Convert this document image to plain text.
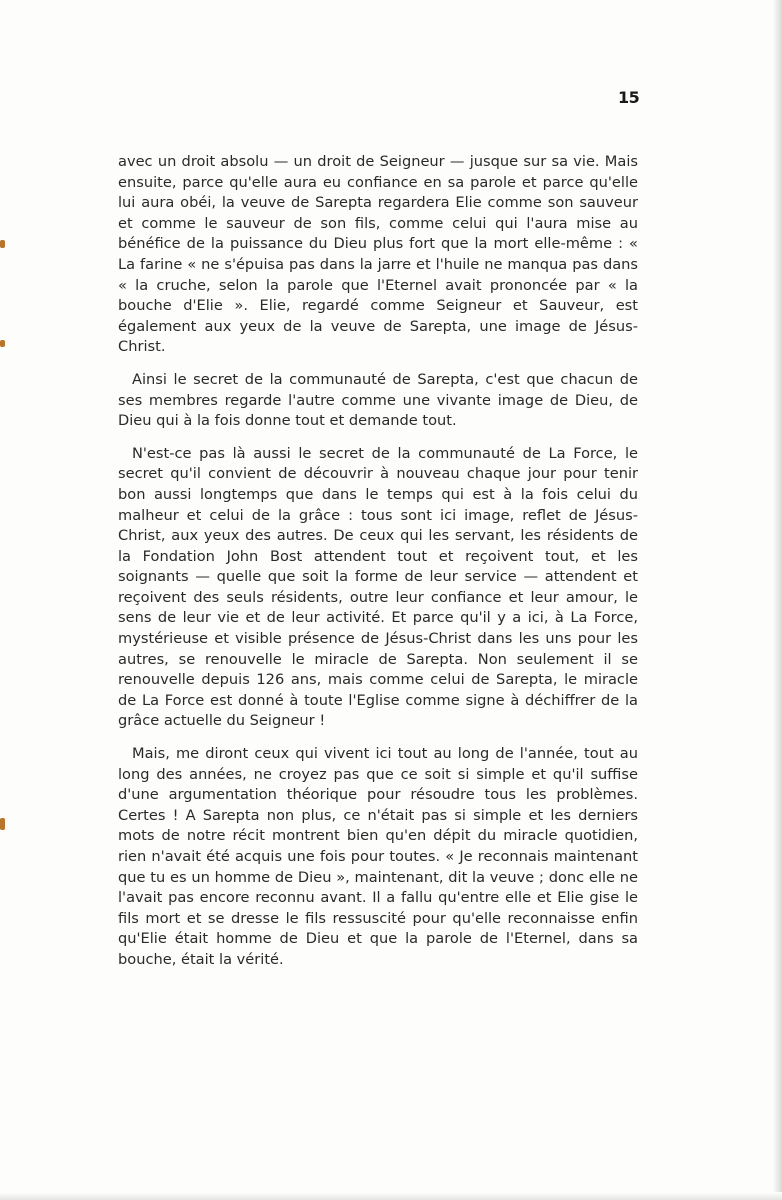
15

avec un droit absolu — un droit de Seigneur — jusque sur sa vie. Mais ensuite, parce qu'elle aura eu confiance en sa parole et parce qu'elle lui aura obéi, la veuve de Sarepta regardera Elie comme son sauveur et comme le sauveur de son fils, comme celui qui l'aura mise au bénéfice de la puissance du Dieu plus fort que la mort elle-même : « La farine « ne s'épuisa pas dans la jarre et l'huile ne manqua pas dans « la cruche, selon la parole que l'Eternel avait prononcée par « la bouche d'Elie ». Elie, regardé comme Seigneur et Sauveur, est également aux yeux de la veuve de Sarepta, une image de Jésus-Christ.

Ainsi le secret de la communauté de Sarepta, c'est que chacun de ses membres regarde l'autre comme une vivante image de Dieu, de Dieu qui à la fois donne tout et demande tout.

N'est-ce pas là aussi le secret de la communauté de La Force, le secret qu'il convient de découvrir à nouveau chaque jour pour tenir bon aussi longtemps que dans le temps qui est à la fois celui du malheur et celui de la grâce : tous sont ici image, reflet de Jésus-Christ, aux yeux des autres. De ceux qui les servant, les résidents de la Fondation John Bost attendent tout et reçoivent tout, et les soignants — quelle que soit la forme de leur service — attendent et reçoivent des seuls résidents, outre leur confiance et leur amour, le sens de leur vie et de leur activité. Et parce qu'il y a ici, à La Force, mystérieuse et visible présence de Jésus-Christ dans les uns pour les autres, se renouvelle le miracle de Sarepta. Non seulement il se renouvelle depuis 126 ans, mais comme celui de Sarepta, le miracle de La Force est donné à toute l'Eglise comme signe à déchiffrer de la grâce actuelle du Seigneur !

Mais, me diront ceux qui vivent ici tout au long de l'année, tout au long des années, ne croyez pas que ce soit si simple et qu'il suffise d'une argumentation théorique pour résoudre tous les problèmes. Certes ! A Sarepta non plus, ce n'était pas si simple et les derniers mots de notre récit montrent bien qu'en dépit du miracle quotidien, rien n'avait été acquis une fois pour toutes. « Je reconnais maintenant que tu es un homme de Dieu », maintenant, dit la veuve ; donc elle ne l'avait pas encore reconnu avant. Il a fallu qu'entre elle et Elie gise le fils mort et se dresse le fils ressuscité pour qu'elle reconnaisse enfin qu'Elie était homme de Dieu et que la parole de l'Eternel, dans sa bouche, était la vérité.
